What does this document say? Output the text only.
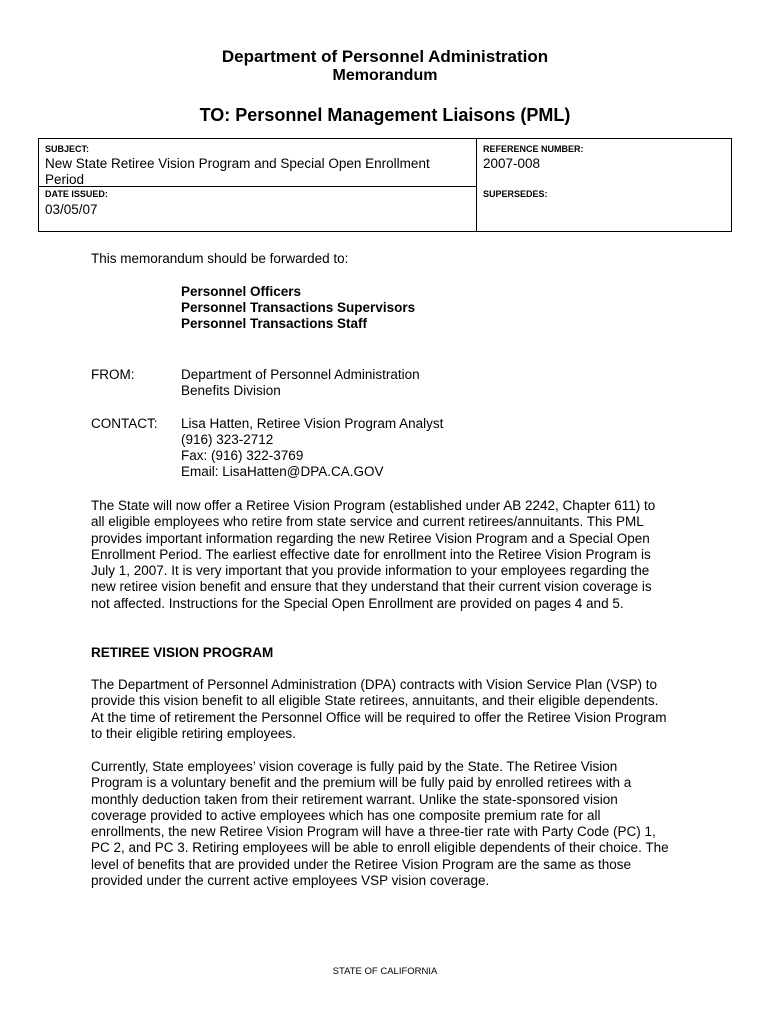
Department of Personnel Administration
Memorandum
TO: Personnel Management Liaisons (PML)
SUBJECT:
New State Retiree Vision Program and Special Open Enrollment Period
DATE ISSUED:
03/05/07
REFERENCE NUMBER:
2007-008
SUPERSEDES:
This memorandum should be forwarded to:
Personnel Officers
Personnel Transactions Supervisors
Personnel Transactions Staff
FROM:	Department of Personnel Administration
Benefits Division
CONTACT: Lisa Hatten, Retiree Vision Program Analyst
(916) 323-2712
Fax: (916) 322-3769
Email: LisaHatten@DPA.CA.GOV
The State will now offer a Retiree Vision Program (established under AB 2242, Chapter 611) to all eligible employees who retire from state service and current retirees/annuitants. This PML provides important information regarding the new Retiree Vision Program and a Special Open Enrollment Period. The earliest effective date for enrollment into the Retiree Vision Program is July 1, 2007. It is very important that you provide information to your employees regarding the new retiree vision benefit and ensure that they understand that their current vision coverage is not affected. Instructions for the Special Open Enrollment are provided on pages 4 and 5.
RETIREE VISION PROGRAM
The Department of Personnel Administration (DPA) contracts with Vision Service Plan (VSP) to provide this vision benefit to all eligible State retirees, annuitants, and their eligible dependents. At the time of retirement the Personnel Office will be required to offer the Retiree Vision Program to their eligible retiring employees.
Currently, State employees’ vision coverage is fully paid by the State. The Retiree Vision Program is a voluntary benefit and the premium will be fully paid by enrolled retirees with a monthly deduction taken from their retirement warrant. Unlike the state-sponsored vision coverage provided to active employees which has one composite premium rate for all enrollments, the new Retiree Vision Program will have a three-tier rate with Party Code (PC) 1, PC 2, and PC 3. Retiring employees will be able to enroll eligible dependents of their choice. The level of benefits that are provided under the Retiree Vision Program are the same as those provided under the current active employees VSP vision coverage.
STATE OF CALIFORNIA
